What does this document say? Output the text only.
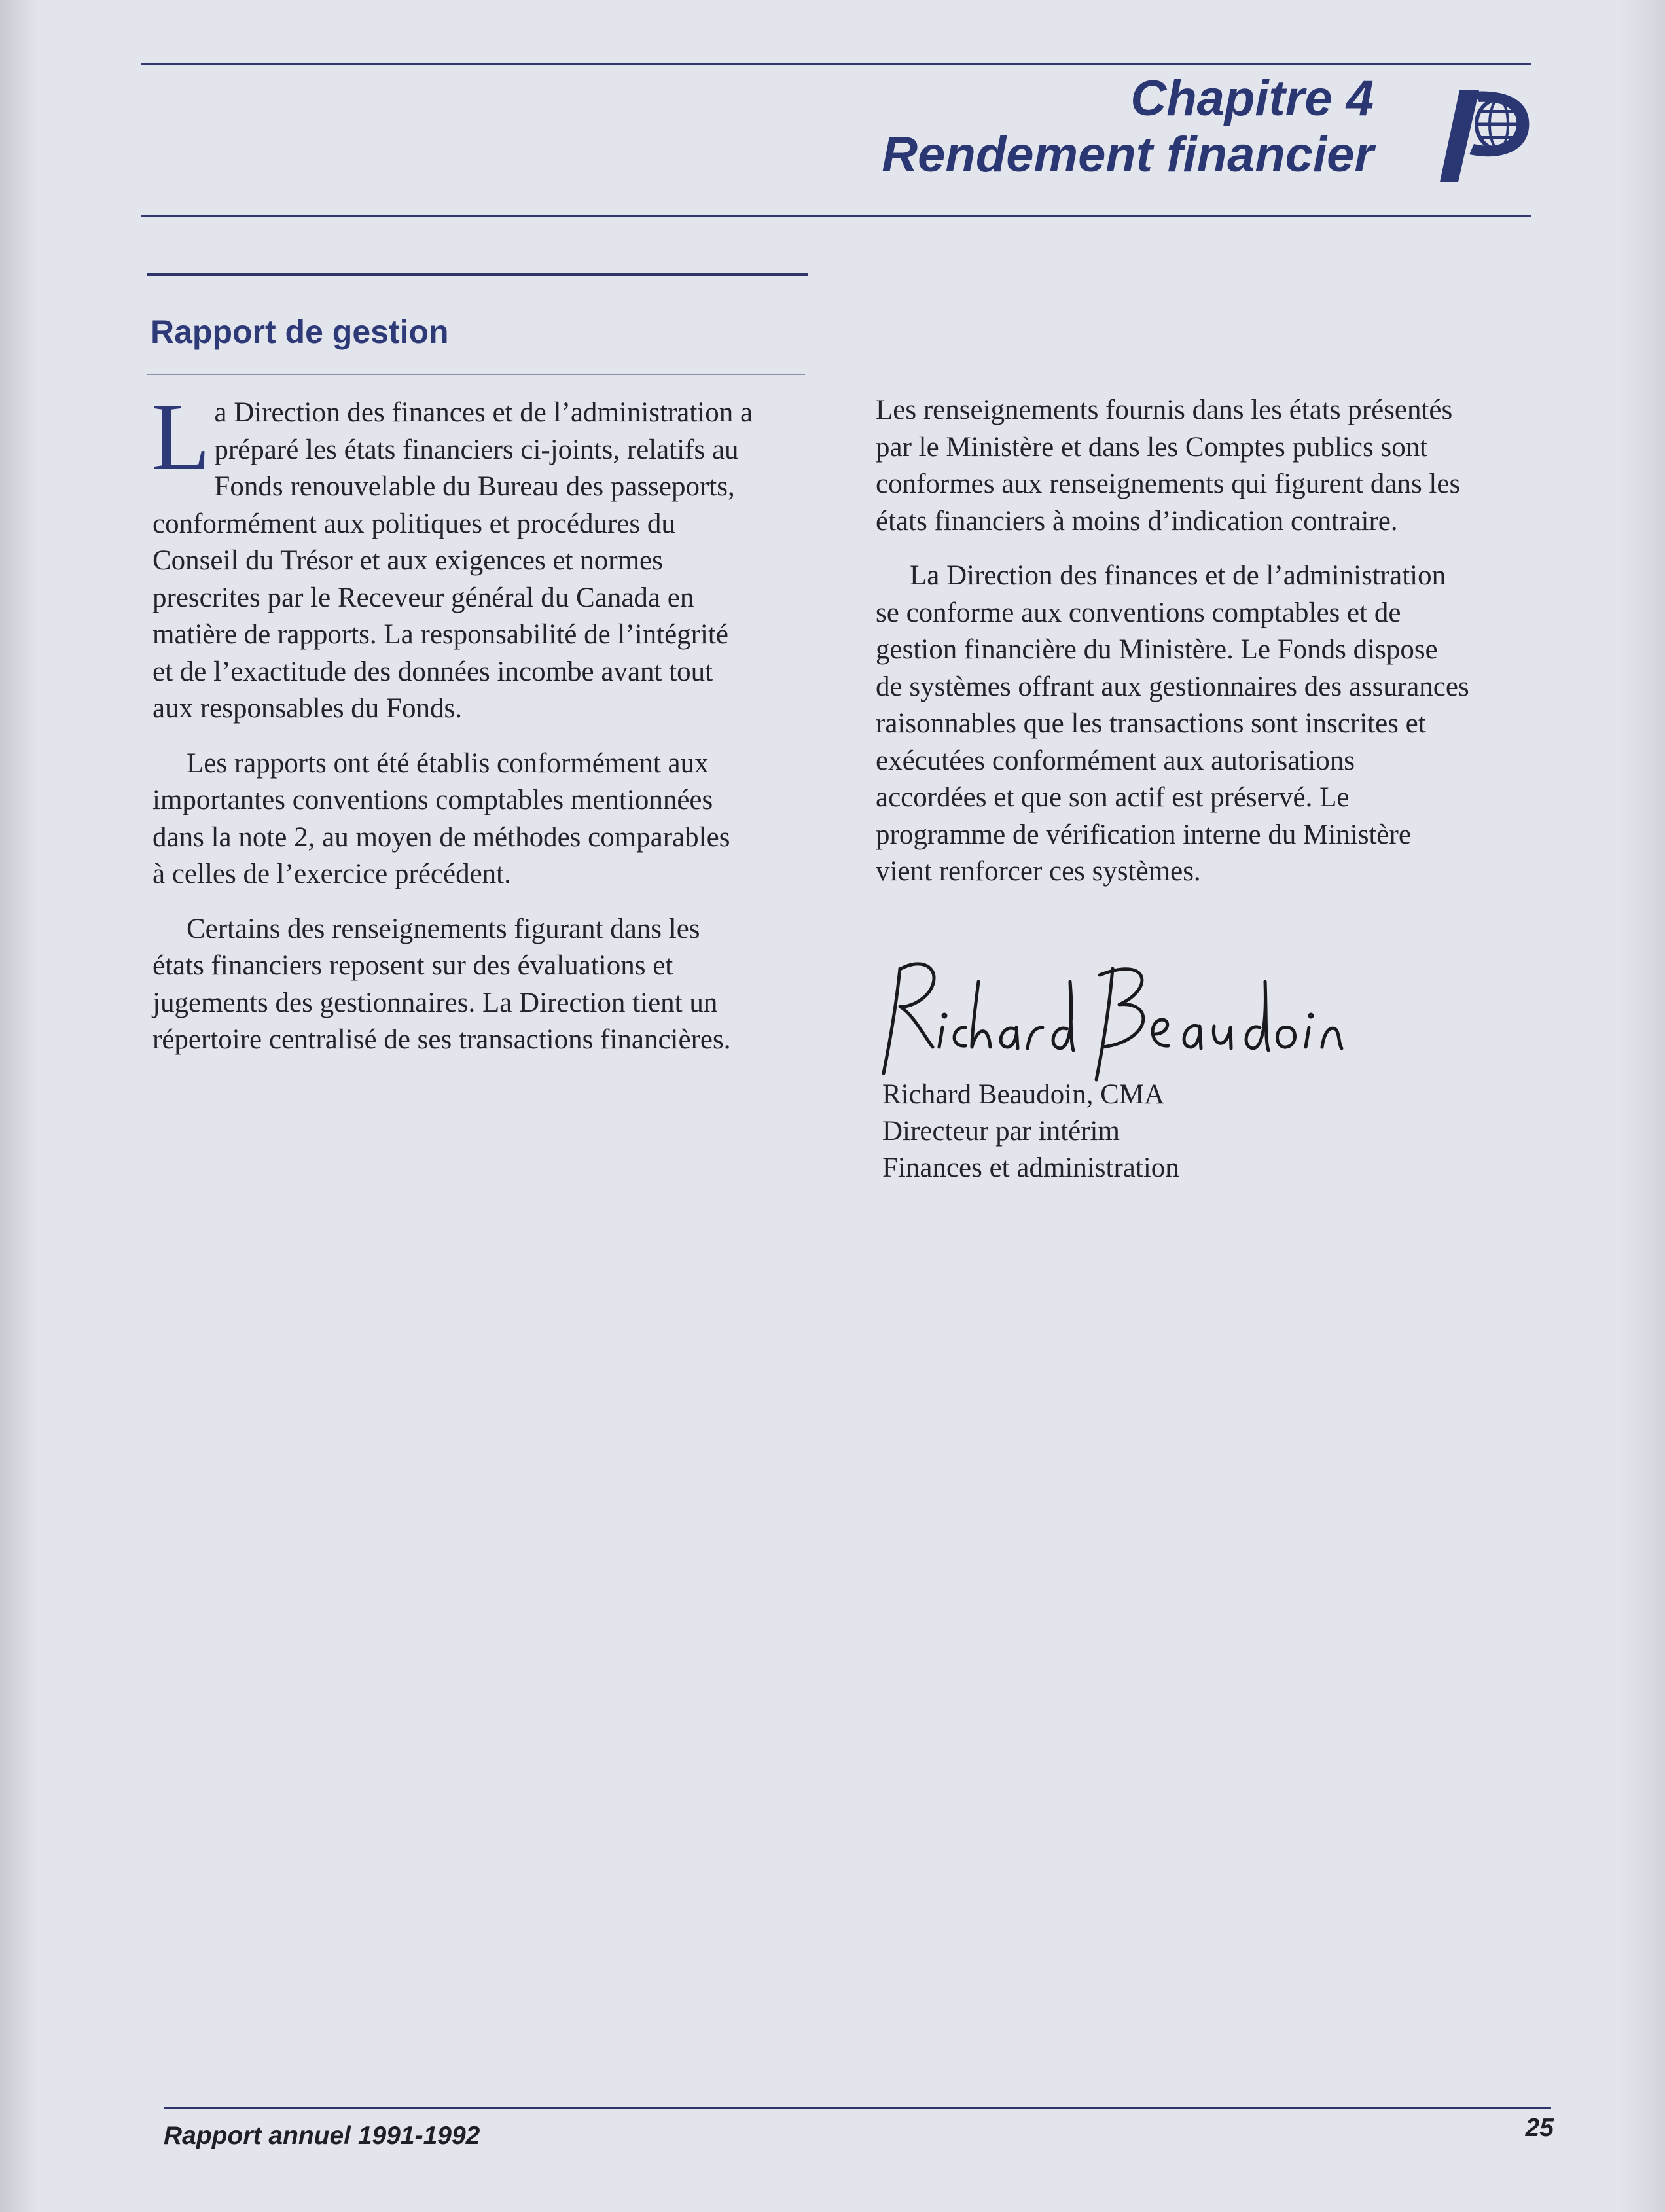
Chapitre 4
Rendement financier
Rapport de gestion

L a Direction des finances et de l’administration a
préparé les états financiers ci-joints, relatifs au
Fonds renouvelable du Bureau des passeports,
conformément aux politiques et procédures du
Conseil du Trésor et aux exigences et normes
prescrites par le Receveur général du Canada en
matière de rapports. La responsabilité de l’intégrité
et de l’exactitude des données incombe avant tout
aux responsables du Fonds.

Les rapports ont été établis conformément aux
importantes conventions comptables mentionnées
dans la note 2, au moyen de méthodes comparables
à celles de l’exercice précédent.

Certains des renseignements figurant dans les
états financiers reposent sur des évaluations et
jugements des gestionnaires. La Direction tient un
répertoire centralisé de ses transactions financières.

Les renseignements fournis dans les états présentés
par le Ministère et dans les Comptes publics sont
conformes aux renseignements qui figurent dans les
états financiers à moins d’indication contraire.

La Direction des finances et de l’administration
se conforme aux conventions comptables et de
gestion financière du Ministère. Le Fonds dispose
de systèmes offrant aux gestionnaires des assurances
raisonnables que les transactions sont inscrites et
exécutées conformément aux autorisations
accordées et que son actif est préservé. Le
programme de vérification interne du Ministère
vient renforcer ces systèmes.

Richard Beaudoin, CMA
Directeur par intérim
Finances et administration
Rapport annuel 1991-1992	25
